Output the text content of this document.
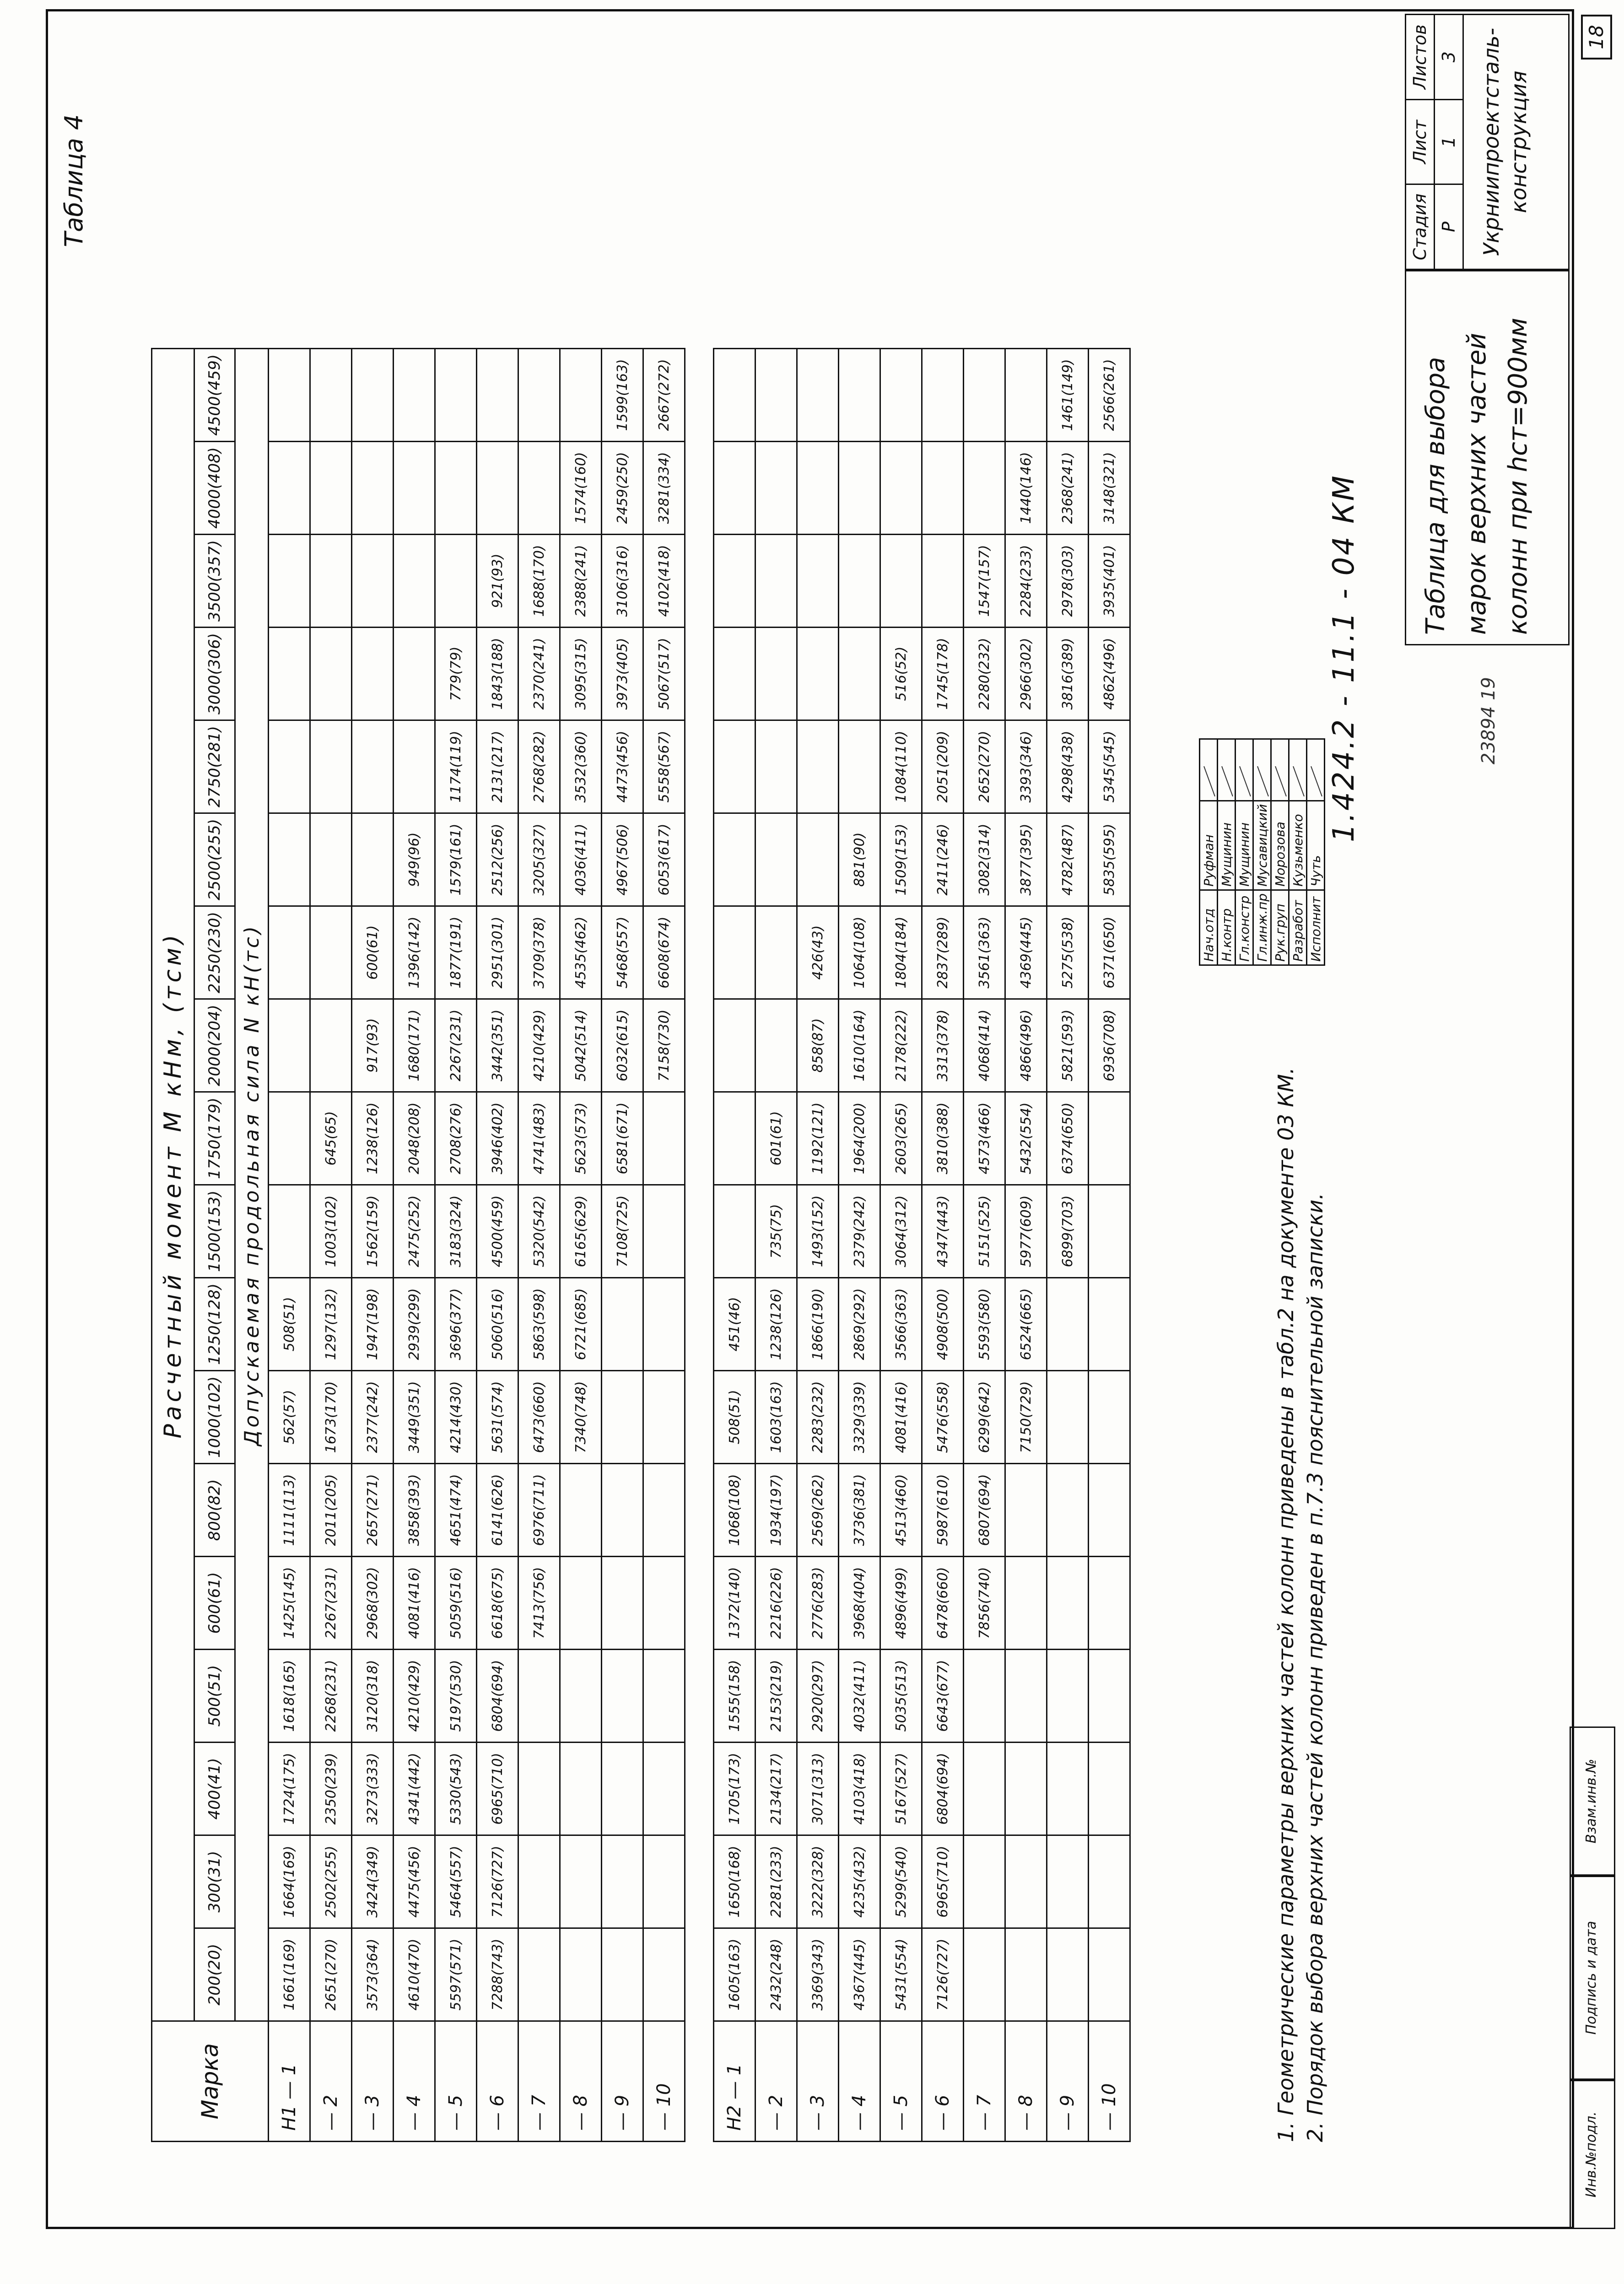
18
Таблица 4
Марка	Расчетный момент М кНм, (тсм)																	
	200(20)	300(31)	400(41)	500(51)	600(61)	800(82)	1000(102)	1250(128)	1500(153)	1750(179)	2000(204)	2250(230)	2500(255)	2750(281)	3000(306)	3500(357)	4000(408)	4500(459)
	Допускаемая продольная сила N кН(тс)																	
Н1 — 1	1661(169)	1664(169)	1724(175)	1618(165)	1425(145)	1111(113)	562(57)	508(51)										
— 2	2651(270)	2502(255)	2350(239)	2268(231)	2267(231)	2011(205)	1673(170)	1297(132)	1003(102)	645(65)								
— 3	3573(364)	3424(349)	3273(333)	3120(318)	2968(302)	2657(271)	2377(242)	1947(198)	1562(159)	1238(126)	917(93)	600(61)						
— 4	4610(470)	4475(456)	4341(442)	4210(429)	4081(416)	3858(393)	3449(351)	2939(299)	2475(252)	2048(208)	1680(171)	1396(142)	949(96)					
— 5	5597(571)	5464(557)	5330(543)	5197(530)	5059(516)	4651(474)	4214(430)	3696(377)	3183(324)	2708(276)	2267(231)	1877(191)	1579(161)	1174(119)	779(79)			
— 6	7288(743)	7126(727)	6965(710)	6804(694)	6618(675)	6141(626)	5631(574)	5060(516)	4500(459)	3946(402)	3442(351)	2951(301)	2512(256)	2131(217)	1843(188)	921(93)		
— 7					7413(756)	6976(711)	6473(660)	5863(598)	5320(542)	4741(483)	4210(429)	3709(378)	3205(327)	2768(282)	2370(241)	1688(170)		
— 8							7340(748)	6721(685)	6165(629)	5623(573)	5042(514)	4535(462)	4036(411)	3532(360)	3095(315)	2388(241)	1574(160)	
— 9									7108(725)	6581(671)	6032(615)	5468(557)	4967(506)	4473(456)	3973(405)	3106(316)	2459(250)	1599(163)
— 10											7158(730)	6608(674)	6053(617)	5558(567)	5067(517)	4102(418)	3281(334)	2667(272)

Н2 — 1	1605(163)	1650(168)	1705(173)	1555(158)	1372(140)	1068(108)	508(51)	451(46)										
— 2	2432(248)	2281(233)	2134(217)	2153(219)	2216(226)	1934(197)	1603(163)	1238(126)	735(75)	601(61)								
— 3	3369(343)	3222(328)	3071(313)	2920(297)	2776(283)	2569(262)	2283(232)	1866(190)	1493(152)	1192(121)	858(87)	426(43)						
— 4	4367(445)	4235(432)	4103(418)	4032(411)	3968(404)	3736(381)	3329(339)	2869(292)	2379(242)	1964(200)	1610(164)	1064(108)	881(90)					
— 5	5431(554)	5299(540)	5167(527)	5035(513)	4896(499)	4513(460)	4081(416)	3566(363)	3064(312)	2603(265)	2178(222)	1804(184)	1509(153)	1084(110)	516(52)			
— 6	7126(727)	6965(710)	6804(694)	6643(677)	6478(660)	5987(610)	5476(558)	4908(500)	4347(443)	3810(388)	3313(378)	2837(289)	2411(246)	2051(209)	1745(178)			
— 7					7856(740)	6807(694)	6299(642)	5593(580)	5151(525)	4573(466)	4068(414)	3561(363)	3082(314)	2652(270)	2280(232)	1547(157)		
— 8							7150(729)	6524(665)	5977(609)	5432(554)	4866(496)	4369(445)	3877(395)	3393(346)	2966(302)	2284(233)	1440(146)	
— 9									6899(703)	6374(650)	5821(593)	5275(538)	4782(487)	4298(438)	3816(389)	2978(303)	2368(241)	1461(149)
— 10											6936(708)	6371(650)	5835(595)	5345(545)	4862(496)	3935(401)	3148(321)	2566(261)
1. Геометрические параметры верхних частей колонн приведены в табл.2 на документе 03 КМ. 2. Порядок выбора верхних частей колонн приведен в п.7.3 пояснительной записки.
Нач.отд	Руфман	
Н.контр	Мущинин	
Гл.констр	Мущинин	
Гл.инж.пр	Мусавицкий	
Рук.груп	Морозова	
Разработ	Кузьменко	
Исполнит	Чуть	
Таблица для выбора марок верхних частей колонн при hст=900мм
Стадия
Лист
Листов
Р
1
3 Укрниипроектсталь-конструкция
1.424.2 - 11.1 - 04 КМ	23894 19
Инв.№подл.
Подпись и дата
Взам.инв.№
